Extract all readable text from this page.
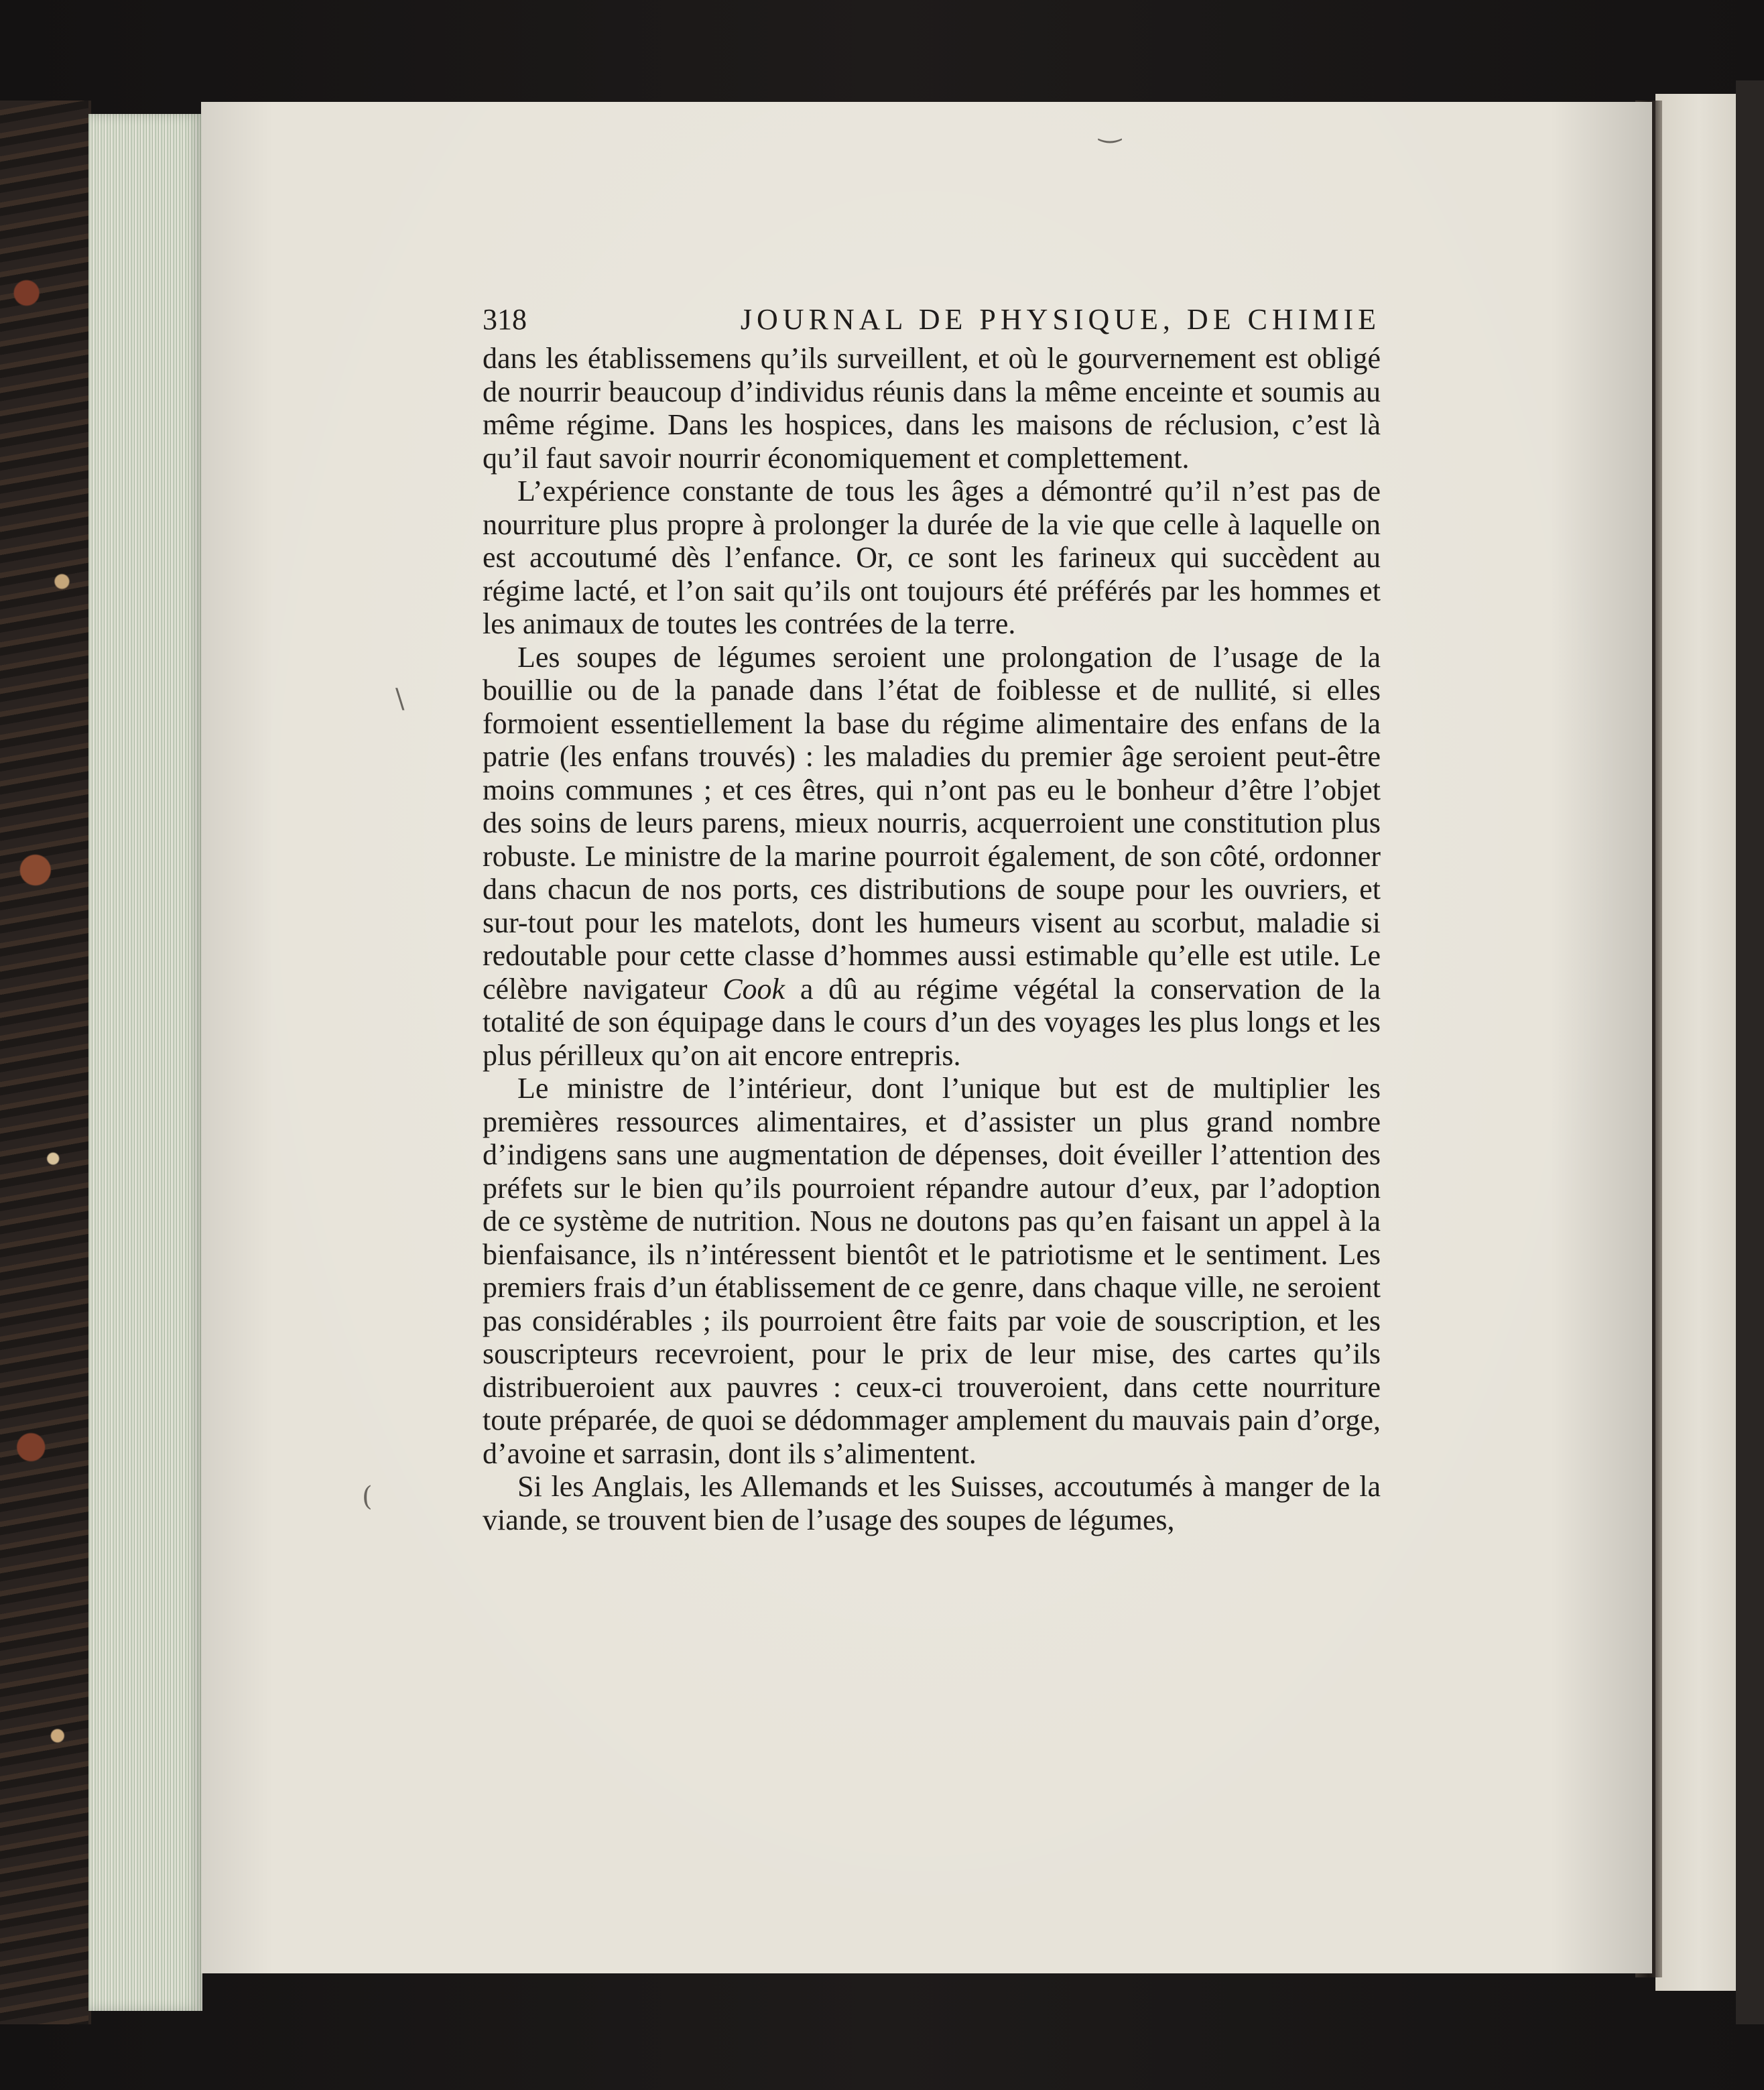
‿
\
(
318	JOURNAL DE PHYSIQUE, DE CHIMIE

dans les établissemens qu’ils surveillent, et où le gourvernement est obligé de nourrir beaucoup d’individus réunis dans la même enceinte et soumis au même régime. Dans les hospices, dans les maisons de réclusion, c’est là qu’il faut savoir nourrir économiquement et complettement.

L’expérience constante de tous les âges a démontré qu’il n’est pas de nourriture plus propre à prolonger la durée de la vie que celle à laquelle on est accoutumé dès l’enfance. Or, ce sont les farineux qui succèdent au régime lacté, et l’on sait qu’ils ont toujours été préférés par les hommes et les animaux de toutes les contrées de la terre.

Les soupes de légumes seroient une prolongation de l’usage de la bouillie ou de la panade dans l’état de foiblesse et de nullité, si elles formoient essentiellement la base du régime alimentaire des enfans de la patrie (les enfans trouvés) : les maladies du premier âge seroient peut-être moins communes ; et ces êtres, qui n’ont pas eu le bonheur d’être l’objet des soins de leurs parens, mieux nourris, acquerroient une constitution plus robuste. Le ministre de la marine pourroit également, de son côté, ordonner dans chacun de nos ports, ces distributions de soupe pour les ouvriers, et sur-tout pour les matelots, dont les humeurs visent au scorbut, maladie si redoutable pour cette classe d’hommes aussi estimable qu’elle est utile. Le célèbre navigateur Cook a dû au régime végétal la conservation de la totalité de son équipage dans le cours d’un des voyages les plus longs et les plus périlleux qu’on ait encore entrepris.

Le ministre de l’intérieur, dont l’unique but est de multiplier les premières ressources alimentaires, et d’assister un plus grand nombre d’indigens sans une augmentation de dépenses, doit éveiller l’attention des préfets sur le bien qu’ils pourroient répandre autour d’eux, par l’adoption de ce système de nutrition. Nous ne doutons pas qu’en faisant un appel à la bienfaisance, ils n’intéressent bientôt et le patriotisme et le sentiment. Les premiers frais d’un établissement de ce genre, dans chaque ville, ne seroient pas considérables ; ils pourroient être faits par voie de souscription, et les souscripteurs recevroient, pour le prix de leur mise, des cartes qu’ils distribueroient aux pauvres : ceux-ci trouveroient, dans cette nourriture toute préparée, de quoi se dédommager amplement du mauvais pain d’orge, d’avoine et sarrasin, dont ils s’alimentent.

Si les Anglais, les Allemands et les Suisses, accoutumés à manger de la viande, se trouvent bien de l’usage des soupes de légumes,
